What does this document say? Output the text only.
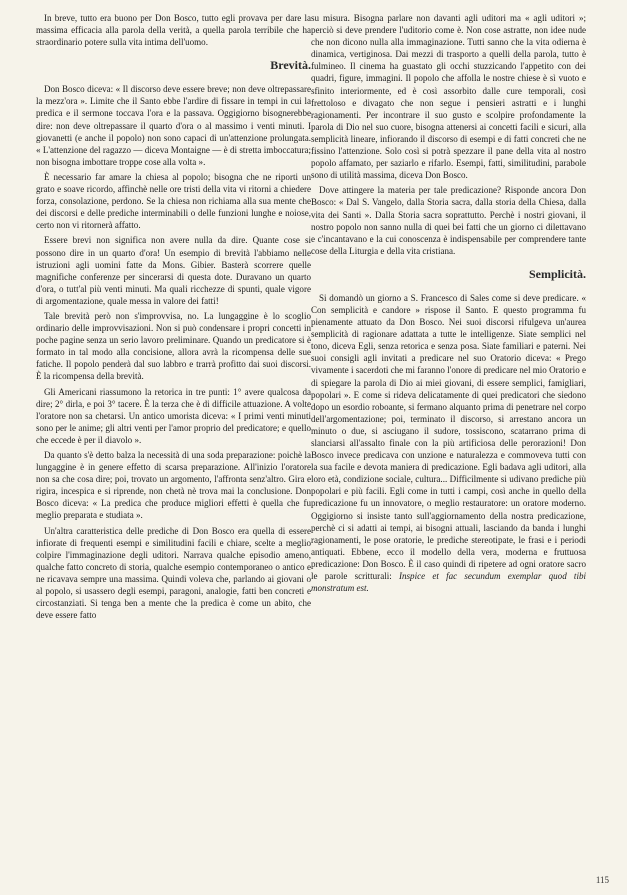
In breve, tutto era buono per Don Bosco, tutto egli provava per dare la massima efficacia alla parola della verità, a quella parola terribile che ha straordinario potere sulla vita intima dell'uomo.

Brevità.

Don Bosco diceva: « Il discorso deve essere breve; non deve oltrepassare la mezz'ora ». Limite che il Santo ebbe l'ardire di fissare in tempi in cui la predica e il sermone toccava l'ora e la passava. Oggigiorno bisognerebbe dire: non deve oltrepassare il quarto d'ora o al massimo i venti minuti. I giovanetti (e anche il popolo) non sono capaci di un'attenzione prolungata. « L'attenzione del ragazzo — diceva Montaigne — è di stretta imboccatura; non bisogna imbottare troppe cose alla volta ».

È necessario far amare la chiesa al popolo; bisogna che ne riporti un grato e soave ricordo, affinchè nelle ore tristi della vita vi ritorni a chiedere forza, consolazione, perdono. Se la chiesa non richiama alla sua mente che dei discorsi e delle prediche interminabili o delle funzioni lunghe e noiose, certo non vi ritornerà affatto.

Essere brevi non significa non avere nulla da dire. Quante cose si possono dire in un quarto d'ora! Un esempio di brevità l'abbiamo nelle istruzioni agli uomini fatte da Mons. Gibier. Basterà scorrere quelle magnifiche conferenze per sincerarsi di questa dote. Duravano un quarto d'ora, o tutt'al più venti minuti. Ma quali ricchezze di spunti, quale vigore di argomentazione, quale messa in valore dei fatti!

Tale brevità però non s'improvvisa, no. La lungaggine è lo scoglio ordinario delle improvvisazioni. Non si può condensare i propri concetti in poche pagine senza un serio lavoro preliminare. Quando un predicatore si è formato in tal modo alla concisione, allora avrà la ricompensa delle sue fatiche. Il popolo penderà dal suo labbro e trarrà profitto dai suoi discorsi. È la ricompensa della brevità.

Gli Americani riassumono la retorica in tre punti: 1° avere qualcosa da dire; 2° dirla, e poi 3° tacere. È la terza che è di difficile attuazione. A volte l'oratore non sa chetarsi. Un antico umorista diceva: « I primi venti minuti sono per le anime; gli altri venti per l'amor proprio del predicatore; e quello che eccede è per il diavolo ».

Da quanto s'è detto balza la necessità di una soda preparazione: poichè la lungaggine è in genere effetto di scarsa preparazione. All'inizio l'oratore non sa che cosa dire; poi, trovato un argomento, l'affronta senz'altro. Gira e rigira, incespica e si riprende, non chetà nè trova mai la conclusione. Don Bosco diceva: « La predica che produce migliori effetti è quella che fu meglio preparata e studiata ».

Un'altra caratteristica delle prediche di Don Bosco era quella di essere infiorate di frequenti esempi e similitudini facili e chiare, scelte a meglio colpire l'immaginazione degli uditori. Narrava qualche episodio ameno, qualche fatto concreto di storia, qualche esempio contemporaneo o antico e ne ricavava sempre una massima. Quindi voleva che, parlando ai giovani o al popolo, si usassero degli esempi, paragoni, analogie, fatti ben concreti e circostanziati. Si tenga ben a mente che la predica è come un abito, che deve essere fatto

su misura. Bisogna parlare non davanti agli uditori ma « agli uditori »; perciò si deve prendere l'uditorio come è. Non cose astratte, non idee nude che non dicono nulla alla immaginazione. Tutti sanno che la vita odierna è dinamica, vertiginosa. Dai mezzi di trasporto a quelli della parola, tutto è fulmineo. Il cinema ha guastato gli occhi stuzzicando l'appetito con dei quadri, figure, immagini. Il popolo che affolla le nostre chiese è sì vuoto e sfinito interiormente, ed è così assorbito dalle cure temporali, così frettoloso e divagato che non segue i pensieri astratti e i lunghi ragionamenti. Per incontrare il suo gusto e scolpire profondamente la parola di Dio nel suo cuore, bisogna attenersi ai concetti facili e sicuri, alla semplicità lineare, infiorando il discorso di esempi e di fatti concreti che ne fissino l'attenzione. Solo così si potrà spezzare il pane della vita al nostro popolo affamato, per saziarlo e rifarlo. Esempi, fatti, similitudini, parabole sono di utilità massima, diceva Don Bosco.

Dove attingere la materia per tale predicazione? Risponde ancora Don Bosco: « Dal S. Vangelo, dalla Storia sacra, dalla storia della Chiesa, dalla vita dei Santi ». Dalla Storia sacra soprattutto. Perchè i nostri giovani, il nostro popolo non sanno nulla di quei bei fatti che un giorno ci dilettavano e c'incantavano e la cui conoscenza è indispensabile per comprendere tante cose della Liturgia e della vita cristiana.

Semplicità.

Si domandò un giorno a S. Francesco di Sales come si deve predicare. « Con semplicità e candore » rispose il Santo. E questo programma fu pienamente attuato da Don Bosco. Nei suoi discorsi rifulgeva un'aurea semplicità di ragionare adattata a tutte le intelligenze. Siate semplici nel tono, diceva Egli, senza retorica e senza posa. Siate familiari e paterni. Nei suoi consigli agli invitati a predicare nel suo Oratorio diceva: « Prego vivamente i sacerdoti che mi faranno l'onore di predicare nel mio Oratorio e di spiegare la parola di Dio ai miei giovani, di essere semplici, famigliari, popolari ». E come si rideva delicatamente di quei predicatori che siedono dopo un esordio roboante, si fermano alquanto prima di penetrare nel corpo dell'argomentazione; poi, terminato il discorso, si arrestano ancora un minuto o due, si asciugano il sudore, tossiscono, scatarrano prima di slanciarsi all'assalto finale con la più artificiosa delle perorazioni! Don Bosco invece predicava con unzione e naturalezza e commoveva tutti con la sua facile e devota maniera di predicazione. Egli badava agli uditori, alla loro età, condizione sociale, cultura... Difficilmente si udivano prediche più popolari e più facili. Egli come in tutti i campi, così anche in quello della predicazione fu un innovatore, o meglio restauratore: un oratore moderno. Oggigiorno si insiste tanto sull'aggiornamento della nostra predicazione, perchè ci si adatti ai tempi, ai bisogni attuali, lasciando da banda i lunghi ragionamenti, le pose oratorie, le prediche stereotipate, le frasi e i periodi antiquati. Ebbene, ecco il modello della vera, moderna e fruttuosa predicazione: Don Bosco. È il caso quindi di ripetere ad ogni oratore sacro le parole scritturali: Inspice et fac secundum exemplar quod tibi monstratum est.

115
